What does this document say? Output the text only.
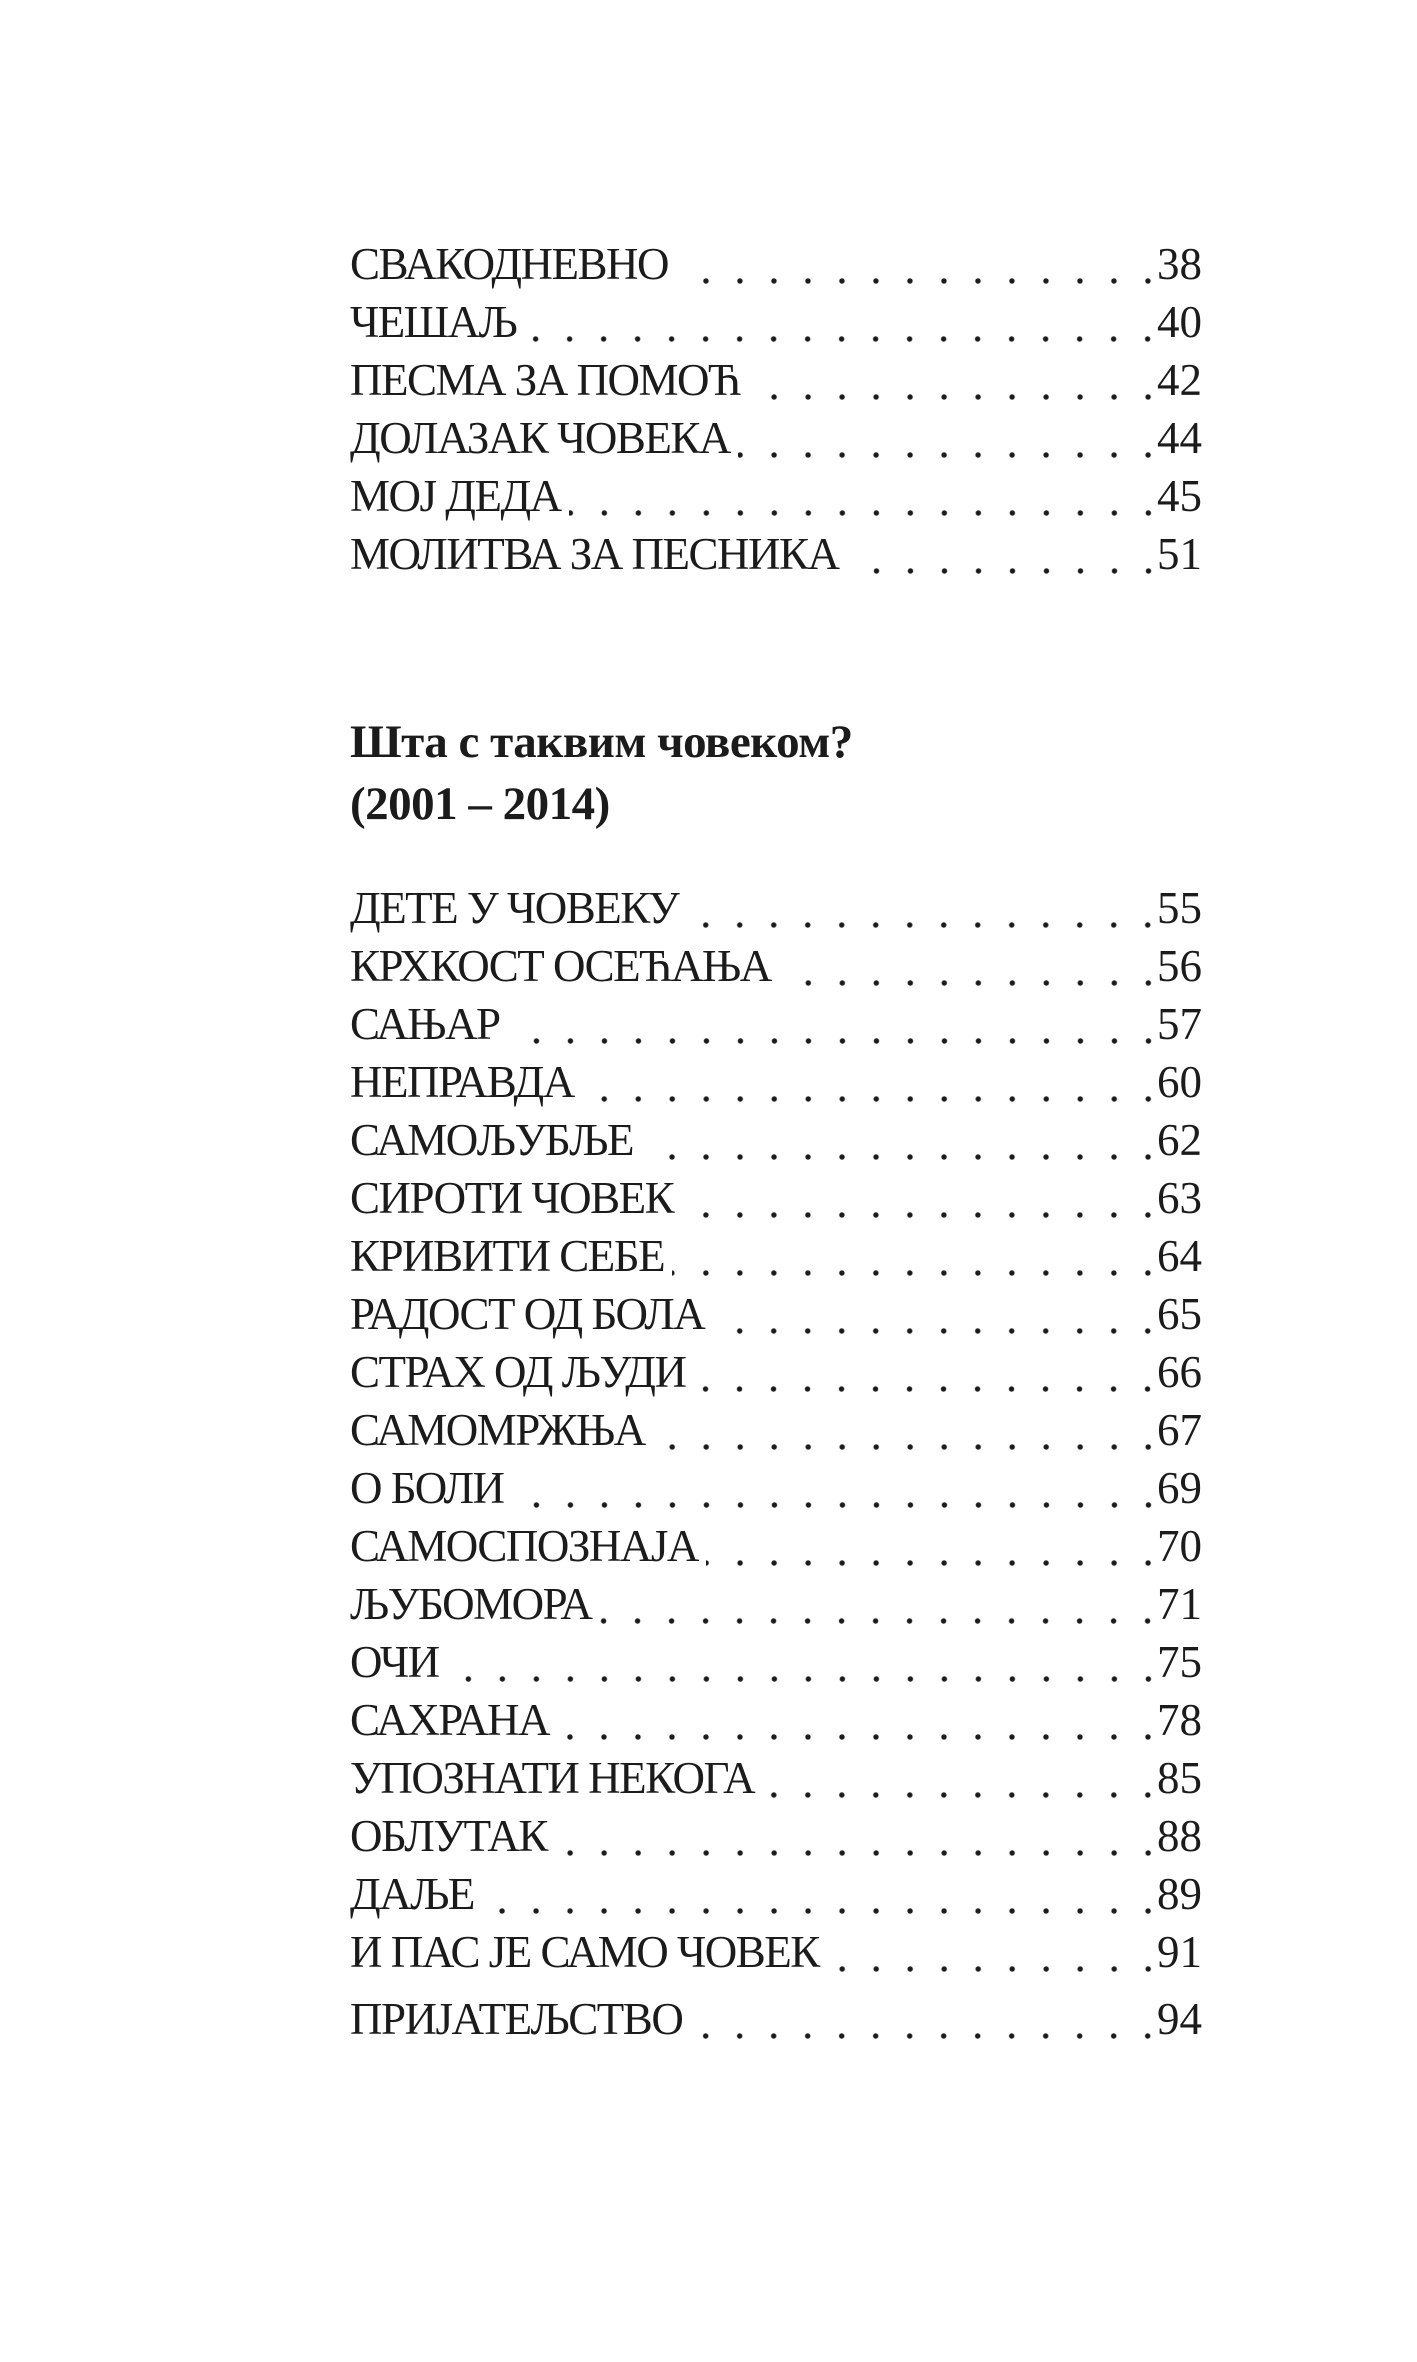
СВАКОДНЕВНО	38
ЧЕШАЉ	40
ПЕСМА ЗА ПОМОЋ	42
ДОЛАЗАК ЧОВЕКА	44
МОЈ ДЕДА	45
МОЛИТВА ЗА ПЕСНИКА	51
Шта с таквим човеком?
(2001 – 2014)
ДЕТЕ У ЧОВЕКУ	55
КРХКОСТ ОСЕЋАЊА	56
САЊАР	57
НЕПРАВДА	60
САМОЉУБЉЕ	62
СИРОТИ ЧОВЕК	63
КРИВИТИ СЕБЕ	64
РАДОСТ ОД БОЛА	65
СТРАХ ОД ЉУДИ	66
САМОМРЖЊА	67
О БОЛИ	69
САМОСПОЗНАЈА	70
ЉУБОМОРА	71
ОЧИ	75
САХРАНА	78
УПОЗНАТИ НЕКОГА	85
ОБЛУТАК	88
ДАЉЕ	89
И ПАС ЈЕ САМО ЧОВЕК	91
ПРИЈАТЕЉСТВО	94
